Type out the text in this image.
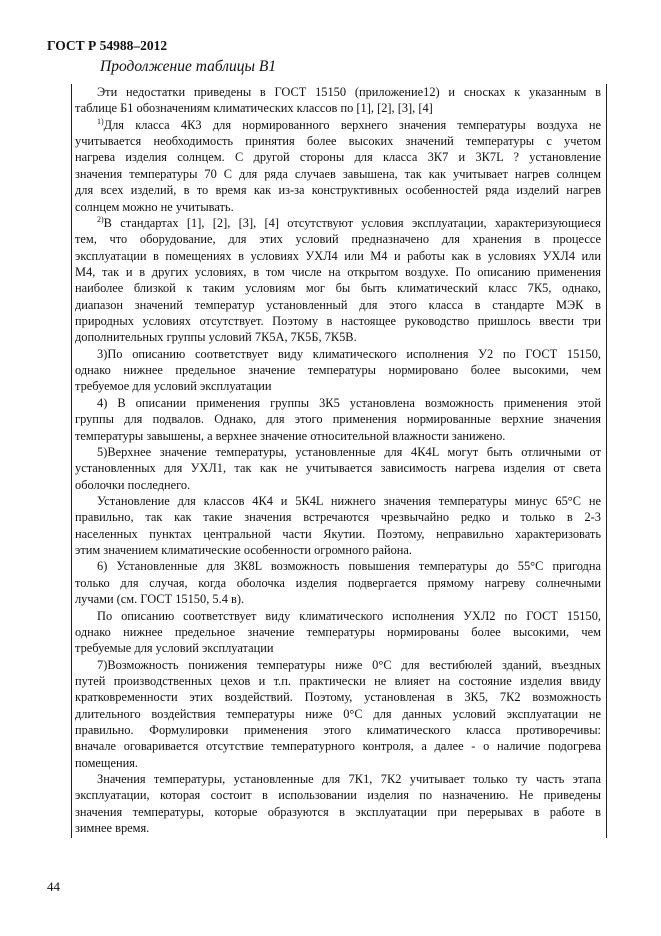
ГОСТ Р 54988–2012
Продолжение таблицы В1
Эти недостатки приведены в ГОСТ 15150 (приложение12) и сносках к указанным в
таблице Б1 обозначениям климатических классов по [1], [2], [3], [4]
$^{1)}$Для класса 4К3 для нормированного верхнего значения температуры воздуха не
учитывается необходимость принятия более высоких значений температуры с учетом
нагрева изделия солнцем. С другой стороны для класса 3К7 и 3К7L ? установление
значения температуры 70 С для ряда случаев завышена, так как учитывает нагрев солнцем
для всех изделий, в то время как из-за конструктивных особенностей ряда изделий нагрев
солнцем можно не учитывать.
$^{2)}$В стандартах [1], [2], [3], [4] отсутствуют условия эксплуатации, характеризующиеся
тем, что оборудование, для этих условий предназначено для хранения в процессе
эксплуатации в помещениях в условиях УХЛ4 или М4 и работы как в условиях УХЛ4 или
М4, так и в других условиях, в том числе на открытом воздухе. По описанию применения
наиболее близкой к таким условиям мог бы быть климатический класс 7К5, однако,
диапазон значений температур установленный для этого класса в стандарте МЭК в
природных условиях отсутствует. Поэтому в настоящее руководство пришлось ввести три
дополнительных группы условий 7К5А, 7К5Б, 7К5В.
3)По описанию соответствует виду климатического исполнения У2 по ГОСТ 15150,
однако нижнее предельное значение температуры нормировано более высокими, чем
требуемое для условий эксплуатации
4) В описании применения группы 3К5 установлена возможность применения этой
группы для подвалов. Однако, для этого применения нормированные верхние значения
температуры завышены, а верхнее значение относительной влажности занижено.
5)Верхнее значение температуры, установленные для 4К4L могут быть отличными от
установленных для УХЛ1, так как не учитывается зависимость нагрева изделия от света
оболочки последнего.
Установление для классов 4К4 и 5К4L нижнего значения температуры минус 65°С не
правильно, так как такие значения встречаются чрезвычайно редко и только в 2-3
населенных пунктах центральной части Якутии. Поэтому, неправильно характеризовать
этим значением климатические особенности огромного района.
6) Установленные для 3К8L возможность повышения температуры до 55°С пригодна
только для случая, когда оболочка изделия подвергается прямому нагреву солнечными
лучами (см. ГОСТ 15150, 5.4 в).
По описанию соответствует виду климатического исполнения УХЛ2 по ГОСТ 15150,
однако нижнее предельное значение температуры нормированы более высокими, чем
требуемые для условий эксплуатации
7)Возможность понижения температуры ниже 0°С для вестибюлей зданий, въездных
путей производственных цехов и т.п. практически не влияет на состояние изделия ввиду
кратковременности этих воздействий. Поэтому, установленая в 3К5, 7К2 возможность
длительного воздействия температуры ниже 0°С для данных условий эксплуатации не
правильно. Формулировки применения этого климатического класса противоречивы:
вначале оговаривается отсутствие температурного контроля, а далее - о наличие подогрева
помещения.
Значения температуры, установленные для 7К1, 7К2 учитывает только ту часть этапа
эксплуатации, которая состоит в использовании изделия по назначению. Не приведены
значения температуры, которые образуются в эксплуатации при перерывах в работе в
зимнее время.
44
